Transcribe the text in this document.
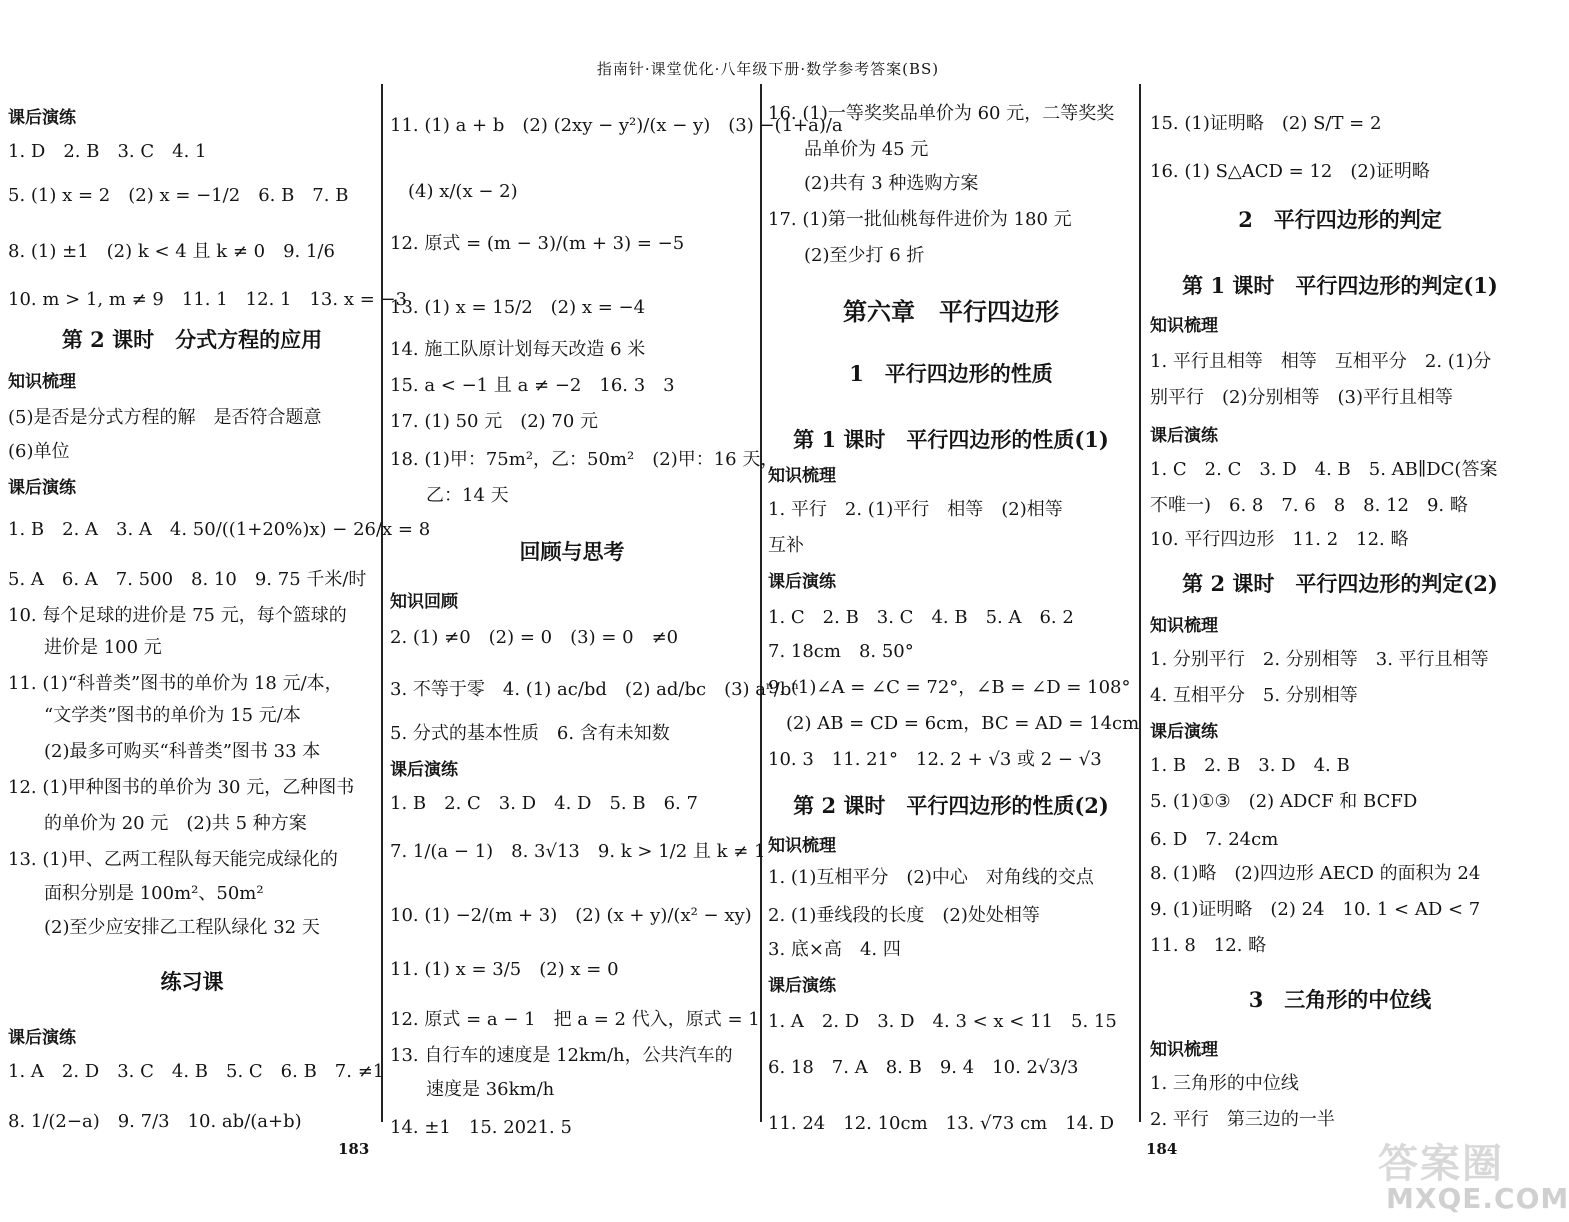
指南针·课堂优化·八年级下册·数学参考答案(BS)
课后演练
1. D　2. B　3. C　4. 1
5. (1) x = 2　(2) x = −1/2　6. B　7. B
8. (1) ±1　(2) k < 4 且 k ≠ 0　9. 1/6
10. m > 1, m ≠ 9　11. 1　12. 1　13. x = −3
第 2 课时　分式方程的应用
知识梳理
(5)是否是分式方程的解　是否符合题意
(6)单位
课后演练
1. B　2. A　3. A　4. 50/((1+20%)x) − 26/x = 8
5. A　6. A　7. 500　8. 10　9. 75 千米/时
10. 每个足球的进价是 75 元，每个篮球的
　　进价是 100 元
11. (1)“科普类”图书的单价为 18 元/本，
　　“文学类”图书的单价为 15 元/本
　　(2)最多可购买“科普类”图书 33 本
12. (1)甲种图书的单价为 30 元，乙种图书
　　的单价为 20 元　(2)共 5 种方案
13. (1)甲、乙两工程队每天能完成绿化的
　　面积分别是 100m²、50m²
　　(2)至少应安排乙工程队绿化 32 天
练习课
课后演练
1. A　2. D　3. C　4. B　5. C　6. B　7. ≠1
8. 1/(2−a)　9. 7/3　10. ab/(a+b)
11. (1) a + b　(2) (2xy − y²)/(x − y)　(3) −(1+a)/a
　(4) x/(x − 2)
12. 原式 = (m − 3)/(m + 3) = −5
13. (1) x = 15/2　(2) x = −4
14. 施工队原计划每天改造 6 米
15. a < −1 且 a ≠ −2　16. 3　3
17. (1) 50 元　(2) 70 元
18. (1)甲：75m²，乙：50m²　(2)甲：16 天，
　　乙：14 天
回顾与思考
知识回顾
2. (1) ≠0　(2) = 0　(3) = 0　≠0
3. 不等于零　4. (1) ac/bd　(2) ad/bc　(3) aⁿ/bⁿ
5. 分式的基本性质　6. 含有未知数
课后演练
1. B　2. C　3. D　4. D　5. B　6. 7
7. 1/(a − 1)　8. 3√13　9. k > 1/2 且 k ≠ 1
10. (1) −2/(m + 3)　(2) (x + y)/(x² − xy)
11. (1) x = 3/5　(2) x = 0
12. 原式 = a − 1　把 a = 2 代入，原式 = 1
13. 自行车的速度是 12km/h，公共汽车的
　　速度是 36km/h
14. ±1　15. 2021. 5
16. (1)一等奖奖品单价为 60 元，二等奖奖
　　品单价为 45 元
　　(2)共有 3 种选购方案
17. (1)第一批仙桃每件进价为 180 元
　　(2)至少打 6 折
第六章　平行四边形
1　平行四边形的性质
第 1 课时　平行四边形的性质(1)
知识梳理
1. 平行　2. (1)平行　相等　(2)相等
互补
课后演练
1. C　2. B　3. C　4. B　5. A　6. 2
7. 18cm　8. 50°
9. (1)∠A = ∠C = 72°，∠B = ∠D = 108°
　(2) AB = CD = 6cm，BC = AD = 14cm
10. 3　11. 21°　12. 2 + √3 或 2 − √3
第 2 课时　平行四边形的性质(2)
知识梳理
1. (1)互相平分　(2)中心　对角线的交点
2. (1)垂线段的长度　(2)处处相等
3. 底×高　4. 四
课后演练
1. A　2. D　3. D　4. 3 < x < 11　5. 15
6. 18　7. A　8. B　9. 4　10. 2√3/3
11. 24　12. 10cm　13. √73 cm　14. D
15. (1)证明略　(2) S/T = 2
16. (1) S△ACD = 12　(2)证明略
2　平行四边形的判定
第 1 课时　平行四边形的判定(1)
知识梳理
1. 平行且相等　相等　互相平分　2. (1)分
别平行　(2)分别相等　(3)平行且相等
课后演练
1. C　2. C　3. D　4. B　5. AB∥DC(答案
不唯一)　6. 8　7. 6　8　8. 12　9. 略
10. 平行四边形　11. 2　12. 略
第 2 课时　平行四边形的判定(2)
知识梳理
1. 分别平行　2. 分别相等　3. 平行且相等
4. 互相平分　5. 分别相等
课后演练
1. B　2. B　3. D　4. B
5. (1)①③　(2) ADCF 和 BCFD
6. D　7. 24cm
8. (1)略　(2)四边形 AECD 的面积为 24
9. (1)证明略　(2) 24　10. 1 < AD < 7
11. 8　12. 略
3　三角形的中位线
知识梳理
1. 三角形的中位线
2. 平行　第三边的一半
183	184	答案圈
MXQE.COM
